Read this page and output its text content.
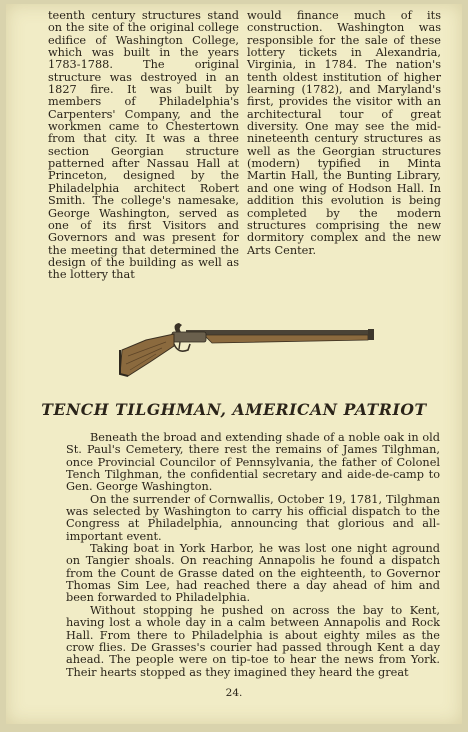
teenth century structures stand on the site of the original college edifice of Washington College, which was built in the years 1783-1788. The original structure was destroyed in an 1827 fire. It was built by members of Philadelphia's Carpenters' Company, and the workmen came to Chestertown from that city. It was a three section Georgian structure patterned after Nassau Hall at Princeton, designed by the Philadelphia architect Robert Smith. The college's namesake, George Washington, served as one of its first Visitors and Governors and was present for the meeting that determined the design of the building as well as the lottery that

would finance much of its construction. Washington was responsible for the sale of these lottery tickets in Alexandria, Virginia, in 1784. The nation's tenth oldest institution of higher learning (1782), and Maryland's first, provides the visitor with an architectural tour of great diversity. One may see the mid-nineteenth century structures as well as the Georgian structures (modern) typified in Minta Martin Hall, the Bunting Library, and one wing of Hodson Hall. In addition this evolution is being completed by the modern structures comprising the new dormitory complex and the new Arts Center.

TENCH TILGHMAN, AMERICAN PATRIOT

Beneath the broad and extending shade of a noble oak in old St. Paul's Cemetery, there rest the remains of James Tilghman, once Provincial Councilor of Pennsylvania, the father of Colonel Tench Tilghman, the confidential secretary and aide-de-camp to Gen. George Washington.

On the surrender of Cornwallis, October 19, 1781, Tilghman was selected by Washington to carry his official dispatch to the Congress at Philadelphia, announcing that glorious and all-important event.

Taking boat in York Harbor, he was lost one night aground on Tangier shoals. On reaching Annapolis he found a dispatch from the Count de Grasse dated on the eighteenth, to Governor Thomas Sim Lee, had reached there a day ahead of him and been forwarded to Philadelphia.

Without stopping he pushed on across the bay to Kent, having lost a whole day in a calm between Annapolis and Rock Hall. From there to Philadelphia is about eighty miles as the crow flies. De Grasses's courier had passed through Kent a day ahead. The people were on tip-toe to hear the news from York. Their hearts stopped as they imagined they heard the great

24.
